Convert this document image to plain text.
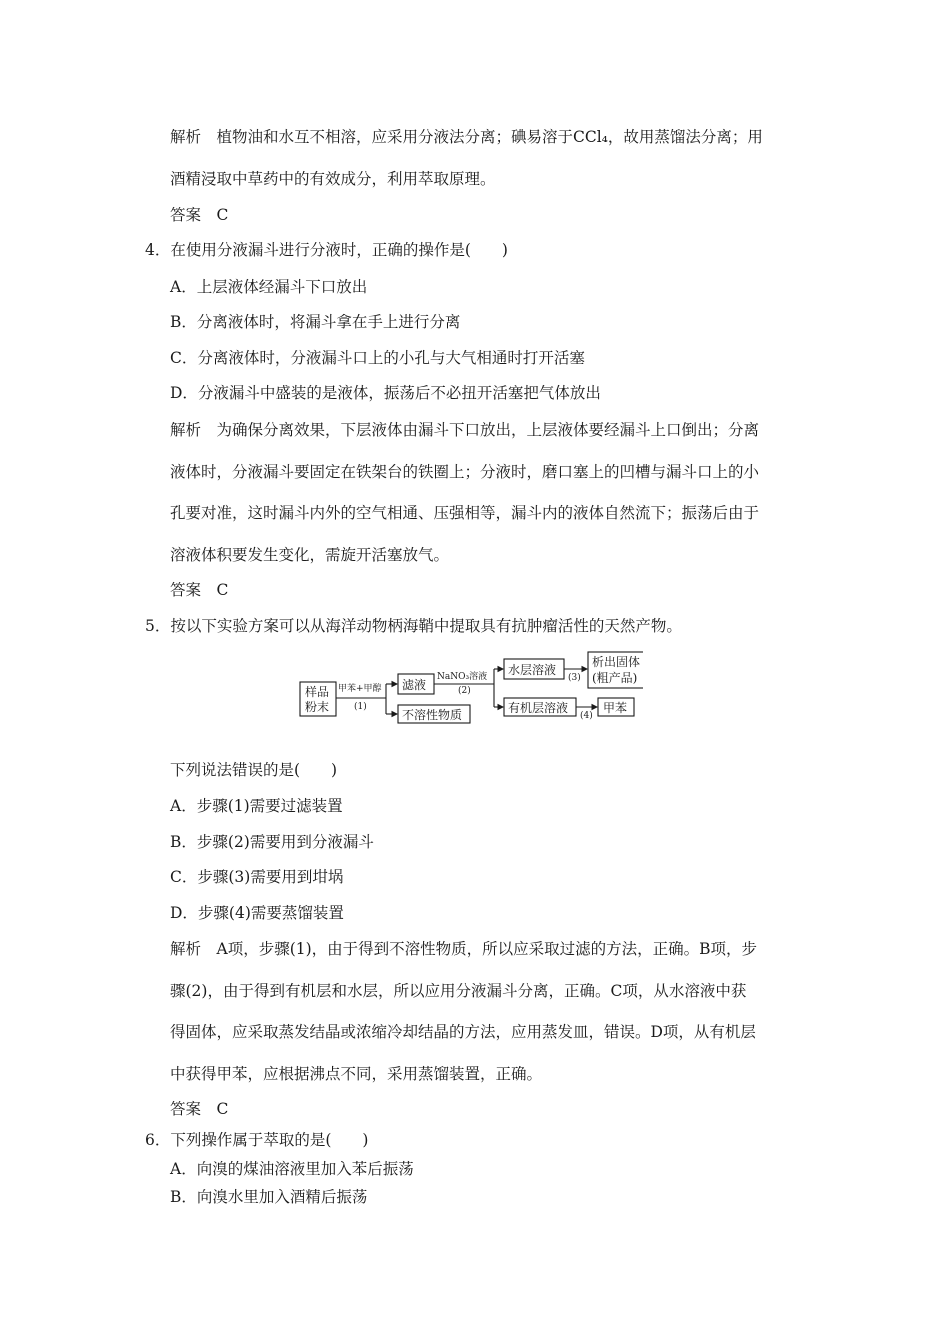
解析　植物油和水互不相溶，应采用分液法分离；碘易溶于CCl₄，故用蒸馏法分离；用
酒精浸取中草药中的有效成分，利用萃取原理。
答案　C
4．在使用分液漏斗进行分液时，正确的操作是(　　)
A．上层液体经漏斗下口放出
B．分离液体时，将漏斗拿在手上进行分离
C．分离液体时，分液漏斗口上的小孔与大气相通时打开活塞
D．分液漏斗中盛装的是液体，振荡后不必扭开活塞把气体放出
解析　为确保分离效果，下层液体由漏斗下口放出，上层液体要经漏斗上口倒出；分离
液体时，分液漏斗要固定在铁架台的铁圈上；分液时，磨口塞上的凹槽与漏斗口上的小
孔要对准，这时漏斗内外的空气相通、压强相等，漏斗内的液体自然流下；振荡后由于
溶液体积要发生变化，需旋开活塞放气。
答案　C
5．按以下实验方案可以从海洋动物柄海鞘中提取具有抗肿瘤活性的天然产物。
样品
粉末
甲苯+甲醇
(1)
滤液
不溶性物质
NaNO₃溶液
(2)
水层溶液
有机层溶液
(3)
(4)
析出固体
(粗产品)
甲苯
下列说法错误的是(　　)
A．步骤(1)需要过滤装置
B．步骤(2)需要用到分液漏斗
C．步骤(3)需要用到坩埚
D．步骤(4)需要蒸馏装置
解析　A项，步骤(1)，由于得到不溶性物质，所以应采取过滤的方法，正确。B项，步
骤(2)，由于得到有机层和水层，所以应用分液漏斗分离，正确。C项，从水溶液中获
得固体，应采取蒸发结晶或浓缩冷却结晶的方法，应用蒸发皿，错误。D项，从有机层
中获得甲苯，应根据沸点不同，采用蒸馏装置，正确。
答案　C
6．下列操作属于萃取的是(　　)
A．向溴的煤油溶液里加入苯后振荡
B．向溴水里加入酒精后振荡
